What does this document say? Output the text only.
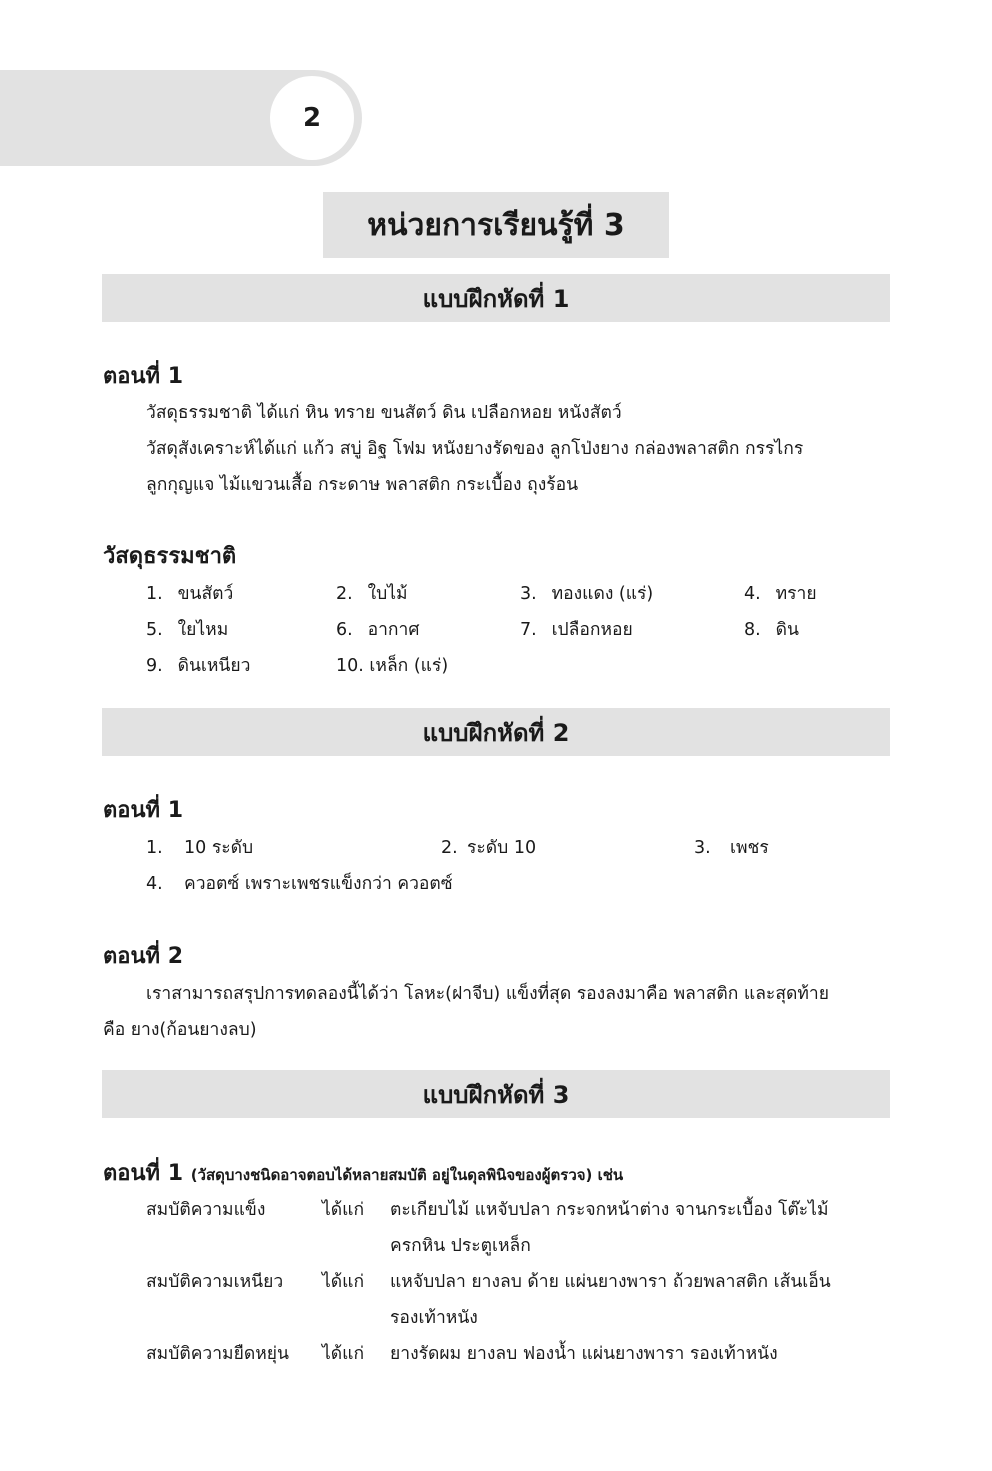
2
หน่วยการเรียนรู้ที่ 3
แบบฝึกหัดที่ 1
ตอนที่ 1
วัสดุธรรมชาติ ได้แก่ หิน ทราย ขนสัตว์ ดิน เปลือกหอย หนังสัตว์
วัสดุสังเคราะห์ได้แก่ แก้ว สบู่ อิฐ โฟม หนังยางรัดของ ลูกโป่งยาง กล่องพลาสติก กรรไกร
ลูกกุญแจ ไม้แขวนเสื้อ กระดาษ พลาสติก กระเบื้อง ถุงร้อน
วัสดุธรรมชาติ
1. ขนสัตว์	2. ใบไม้	3. ทองแดง (แร่)	4. ทราย
5. ใยไหม	6. อากาศ	7. เปลือกหอย	8. ดิน
9. ดินเหนียว	10. เหล็ก (แร่)
แบบฝึกหัดที่ 2
ตอนที่ 1
1. 10 ระดับ	2. ระดับ 10	3. เพชร
4. ควอตซ์ เพราะเพชรแข็งกว่า ควอตซ์
ตอนที่ 2
เราสามารถสรุปการทดลองนี้ได้ว่า โลหะ(ฝาจีบ) แข็งที่สุด รองลงมาคือ พลาสติก และสุดท้าย
คือ ยาง(ก้อนยางลบ)
แบบฝึกหัดที่ 3
ตอนที่ 1 (วัสดุบางชนิดอาจตอบได้หลายสมบัติ อยู่ในดุลพินิจของผู้ตรวจ) เช่น
สมบัติความแข็ง	ได้แก่ ตะเกียบไม้ แหจับปลา กระจกหน้าต่าง จานกระเบื้อง โต๊ะไม้
ครกหิน ประตูเหล็ก
สมบัติความเหนียว ได้แก่ แหจับปลา ยางลบ ด้าย แผ่นยางพารา ถ้วยพลาสติก เส้นเอ็น
รองเท้าหนัง
สมบัติความยืดหยุ่น ได้แก่ ยางรัดผม ยางลบ ฟองน้ำ แผ่นยางพารา รองเท้าหนัง
